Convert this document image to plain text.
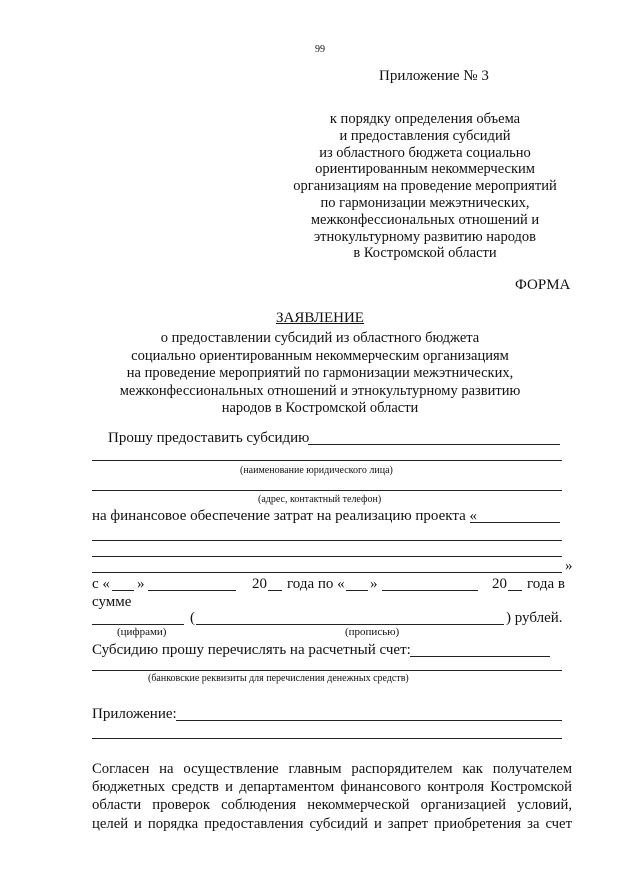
99
Приложение № 3
к порядку определения объема
и предоставления субсидий
из областного бюджета социально
ориентированным некоммерческим
организациям на проведение мероприятий
по гармонизации межэтнических,
межконфессиональных отношений и
этнокультурному развитию народов
в Костромской области
ФОРМА
ЗАЯВЛЕНИЕ
о предоставлении субсидий из областного бюджета
социально ориентированным некоммерческим организациям
на проведение мероприятий по гармонизации межэтнических,
межконфессиональных отношений и этнокультурному развитию
народов в Костромской области
Прошу предоставить субсидию
(наименование юридического лица)
(адрес, контактный телефон)
на финансовое обеспечение затрат на реализацию проекта «
»
с « »	20 года по « »	20 года в
сумме
(	) рублей.
(цифрами)	(прописью)
Субсидию прошу перечислять на расчетный счет:
(банковские реквизиты для перечисления денежных средств)
Приложение:
Согласен на осуществление главным распорядителем как получателем
бюджетных средств и департаментом финансового контроля Костромской
области проверок соблюдения некоммерческой организацией условий,
целей и порядка предоставления субсидий и запрет приобретения за счет
